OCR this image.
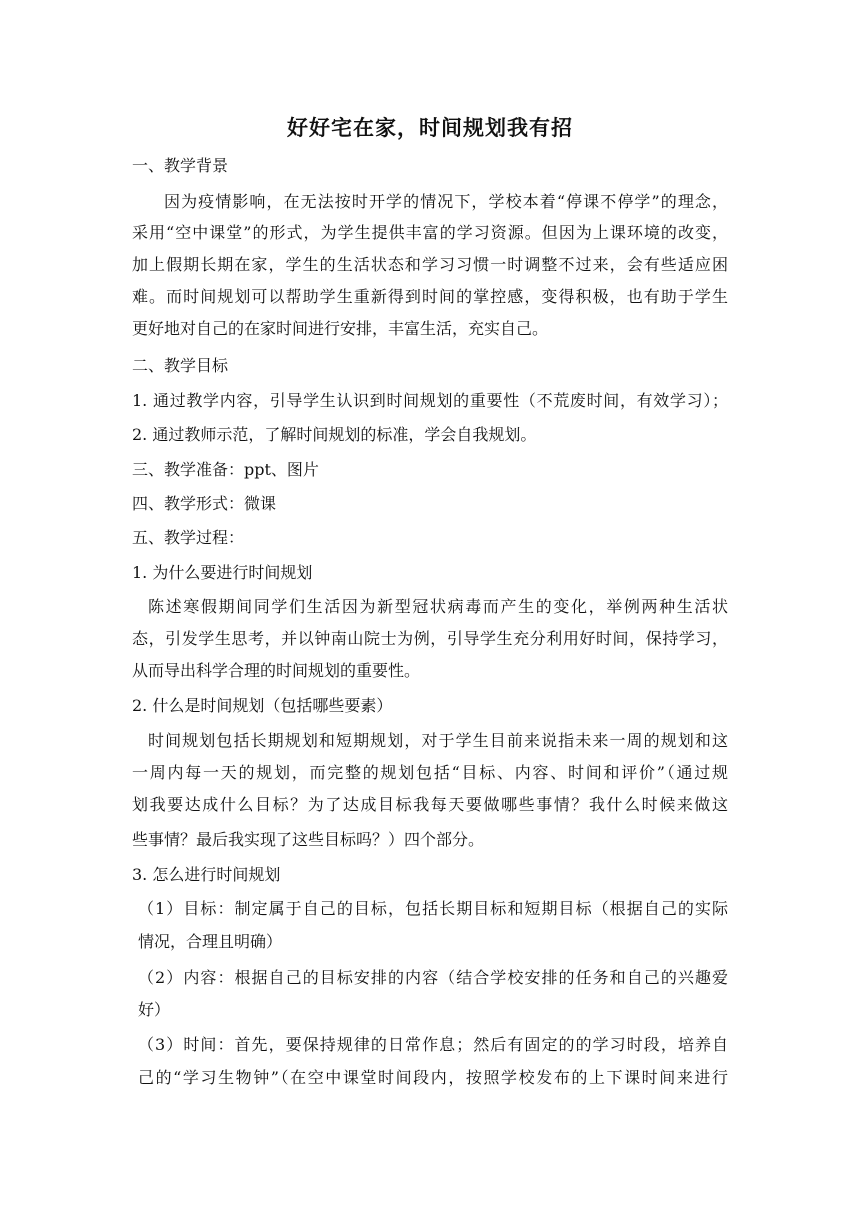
好好宅在家，时间规划我有招
一、教学背景
因为疫情影响，在无法按时开学的情况下，学校本着“停课不停学”的理念，
采用“空中课堂”的形式，为学生提供丰富的学习资源。但因为上课环境的改变，
加上假期长期在家，学生的生活状态和学习习惯一时调整不过来，会有些适应困
难。而时间规划可以帮助学生重新得到时间的掌控感，变得积极，也有助于学生
更好地对自己的在家时间进行安排，丰富生活，充实自己。
二、教学目标
1. 通过教学内容，引导学生认识到时间规划的重要性（不荒废时间，有效学习）；
2. 通过教师示范，了解时间规划的标准，学会自我规划。
三、教学准备：ppt、图片
四、教学形式：微课
五、教学过程：
1. 为什么要进行时间规划
陈述寒假期间同学们生活因为新型冠状病毒而产生的变化，举例两种生活状
态，引发学生思考，并以钟南山院士为例，引导学生充分利用好时间，保持学习，
从而导出科学合理的时间规划的重要性。
2. 什么是时间规划（包括哪些要素）
时间规划包括长期规划和短期规划，对于学生目前来说指未来一周的规划和这
一周内每一天的规划，而完整的规划包括“目标、内容、时间和评价”（通过规
划我要达成什么目标？为了达成目标我每天要做哪些事情？我什么时候来做这
些事情？最后我实现了这些目标吗？）四个部分。
3. 怎么进行时间规划
（1）目标：制定属于自己的目标，包括长期目标和短期目标（根据自己的实际
情况，合理且明确）
（2）内容：根据自己的目标安排的内容（结合学校安排的任务和自己的兴趣爱
好）
（3）时间：首先，要保持规律的日常作息；然后有固定的的学习时段，培养自
己的“学习生物钟”（在空中课堂时间段内，按照学校发布的上下课时间来进行
